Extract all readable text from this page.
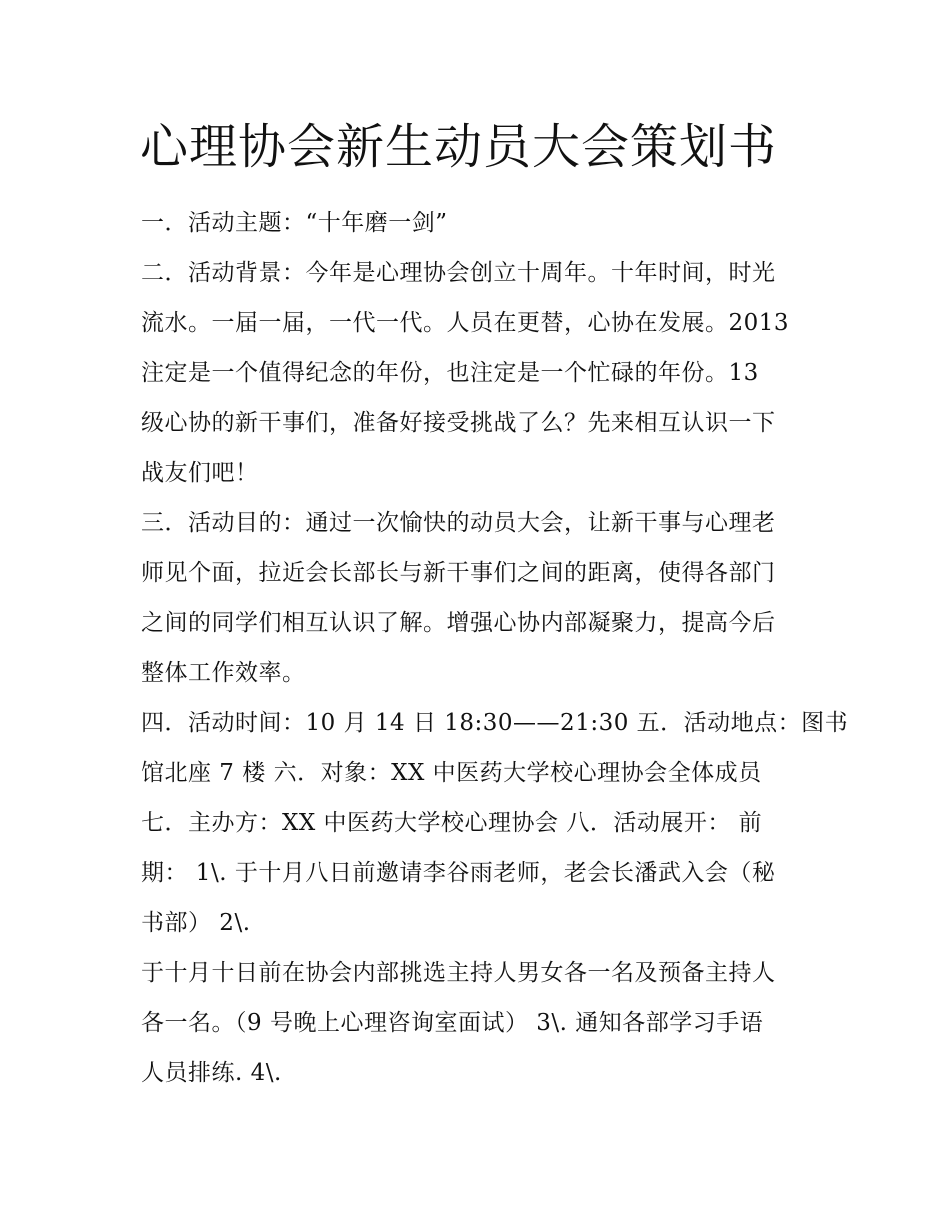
心理协会新生动员大会策划书
一．活动主题：“十年磨一剑”
二．活动背景：今年是心理协会创立十周年。十年时间，时光
流水。一届一届，一代一代。人员在更替，心协在发展。2013
注定是一个值得纪念的年份，也注定是一个忙碌的年份。13
级心协的新干事们，准备好接受挑战了么？先来相互认识一下
战友们吧！
三．活动目的：通过一次愉快的动员大会，让新干事与心理老
师见个面，拉近会长部长与新干事们之间的距离，使得各部门
之间的同学们相互认识了解。增强心协内部凝聚力，提高今后
整体工作效率。
四．活动时间：10 月 14 日 18:30——21:30 五．活动地点：图书
馆北座 7 楼 六．对象：XX 中医药大学校心理协会全体成员
七．主办方：XX 中医药大学校心理协会 八．活动展开： 前
期： 1\. 于十月八日前邀请李谷雨老师，老会长潘武入会（秘
书部） 2\.
于十月十日前在协会内部挑选主持人男女各一名及预备主持人
各一名。（9 号晚上心理咨询室面试） 3\. 通知各部学习手语
人员排练. 4\.
